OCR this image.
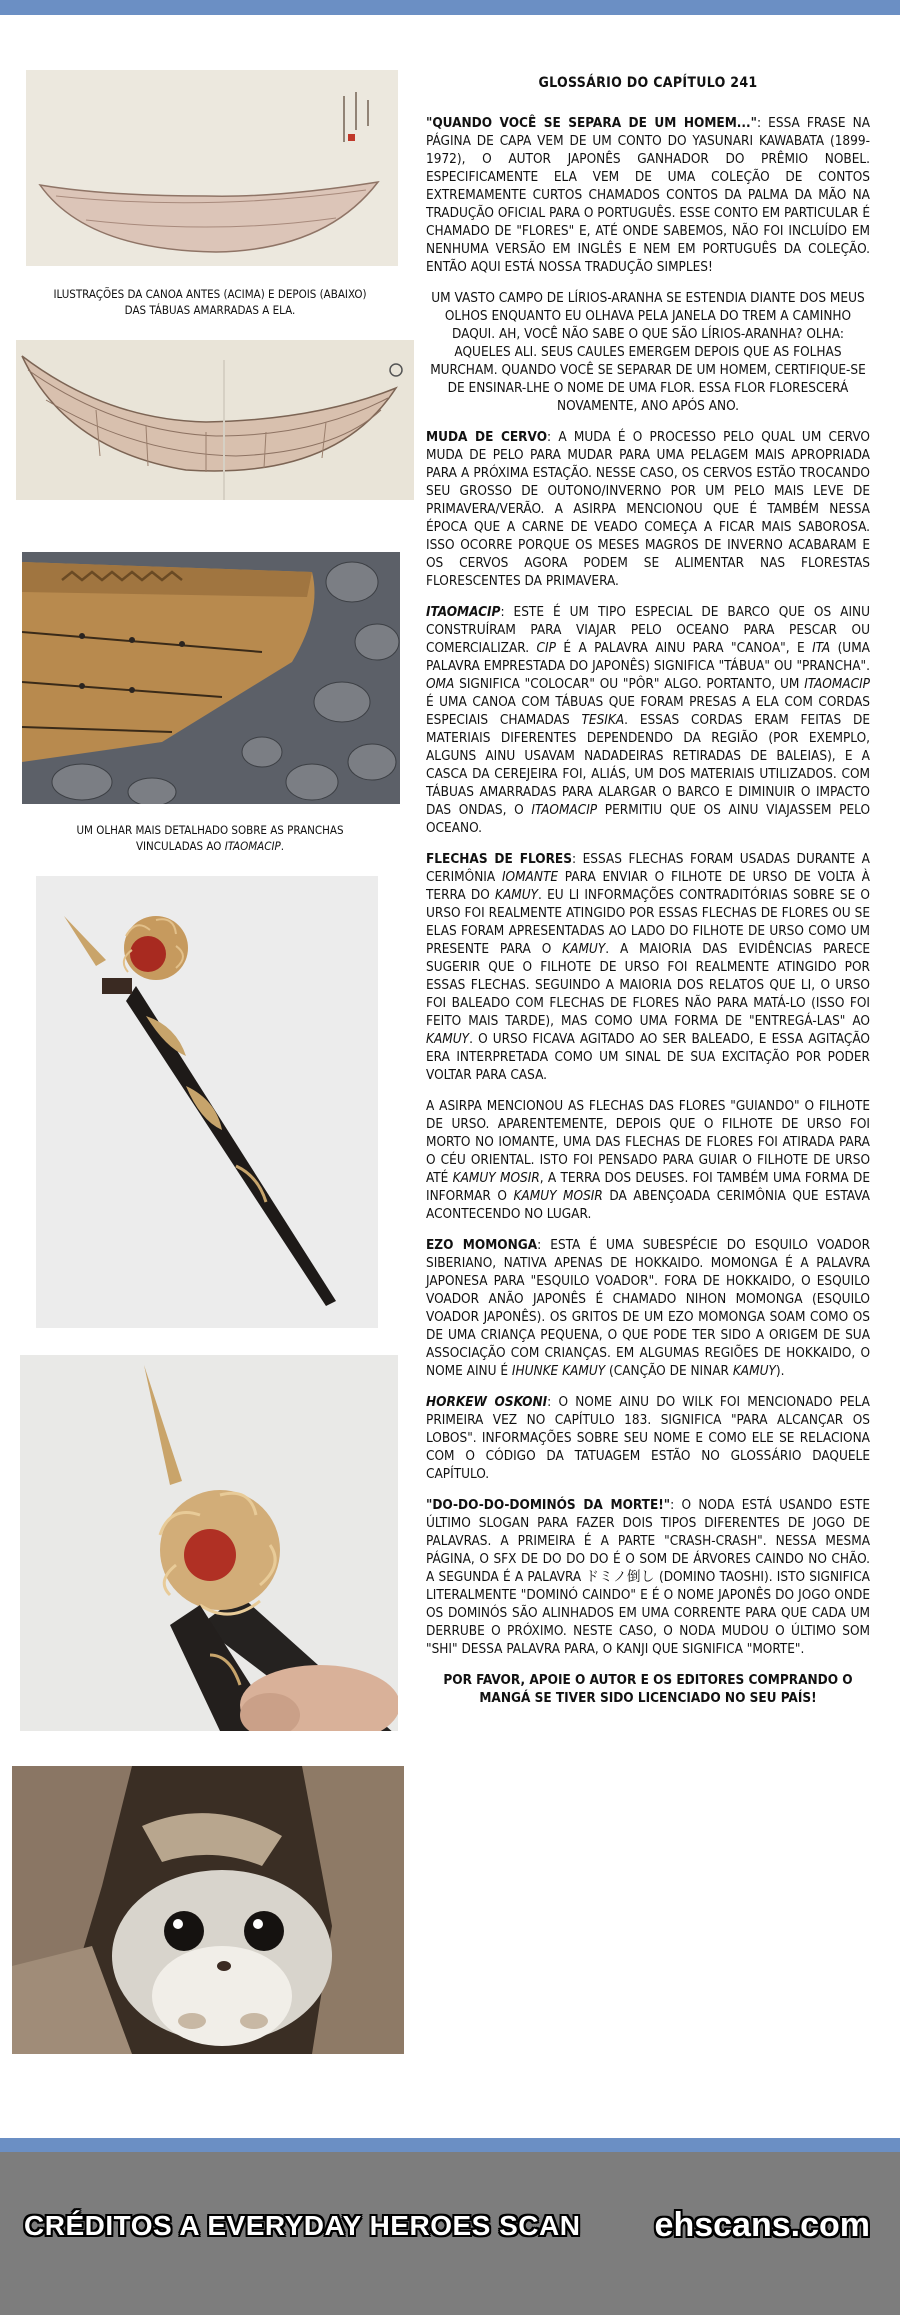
ILUSTRAÇÕES DA CANOA ANTES (ACIMA) E DEPOIS (ABAIXO) DAS TÁBUAS AMARRADAS A ELA.
UM OLHAR MAIS DETALHADO SOBRE AS PRANCHAS VINCULADAS AO ITAOMACIP.
GLOSSÁRIO DO CAPÍTULO 241

"QUANDO VOCÊ SE SEPARA DE UM HOMEM...": ESSA FRASE NA PÁGINA DE CAPA VEM DE UM CONTO DO YASUNARI KAWABATA (1899-1972), O AUTOR JAPONÊS GANHADOR DO PRÊMIO NOBEL. ESPECIFICAMENTE ELA VEM DE UMA COLEÇÃO DE CONTOS EXTREMAMENTE CURTOS CHAMADOS CONTOS DA PALMA DA MÃO NA TRADUÇÃO OFICIAL PARA O PORTUGUÊS. ESSE CONTO EM PARTICULAR É CHAMADO DE "FLORES" E, ATÉ ONDE SABEMOS, NÃO FOI INCLUÍDO EM NENHUMA VERSÃO EM INGLÊS E NEM EM PORTUGUÊS DA COLEÇÃO. ENTÃO AQUI ESTÁ NOSSA TRADUÇÃO SIMPLES!

UM VASTO CAMPO DE LÍRIOS-ARANHA SE ESTENDIA DIANTE DOS MEUS OLHOS ENQUANTO EU OLHAVA PELA JANELA DO TREM A CAMINHO DAQUI. AH, VOCÊ NÃO SABE O QUE SÃO LÍRIOS-ARANHA? OLHA: AQUELES ALI. SEUS CAULES EMERGEM DEPOIS QUE AS FOLHAS MURCHAM. QUANDO VOCÊ SE SEPARAR DE UM HOMEM, CERTIFIQUE-SE DE ENSINAR-LHE O NOME DE UMA FLOR. ESSA FLOR FLORESCERÁ NOVAMENTE, ANO APÓS ANO.

MUDA DE CERVO: A MUDA É O PROCESSO PELO QUAL UM CERVO MUDA DE PELO PARA MUDAR PARA UMA PELAGEM MAIS APROPRIADA PARA A PRÓXIMA ESTAÇÃO. NESSE CASO, OS CERVOS ESTÃO TROCANDO SEU GROSSO DE OUTONO/INVERNO POR UM PELO MAIS LEVE DE PRIMAVERA/VERÃO. A ASIRPA MENCIONOU QUE É TAMBÉM NESSA ÉPOCA QUE A CARNE DE VEADO COMEÇA A FICAR MAIS SABOROSA. ISSO OCORRE PORQUE OS MESES MAGROS DE INVERNO ACABARAM E OS CERVOS AGORA PODEM SE ALIMENTAR NAS FLORESTAS FLORESCENTES DA PRIMAVERA.

ITAOMACIP: ESTE É UM TIPO ESPECIAL DE BARCO QUE OS AINU CONSTRUÍRAM PARA VIAJAR PELO OCEANO PARA PESCAR OU COMERCIALIZAR. CIP É A PALAVRA AINU PARA "CANOA", E ITA (UMA PALAVRA EMPRESTADA DO JAPONÊS) SIGNIFICA "TÁBUA" OU "PRANCHA". OMA SIGNIFICA "COLOCAR" OU "PÔR" ALGO. PORTANTO, UM ITAOMACIP É UMA CANOA COM TÁBUAS QUE FORAM PRESAS A ELA COM CORDAS ESPECIAIS CHAMADAS TESIKA. ESSAS CORDAS ERAM FEITAS DE MATERIAIS DIFERENTES DEPENDENDO DA REGIÃO (POR EXEMPLO, ALGUNS AINU USAVAM NADADEIRAS RETIRADAS DE BALEIAS), E A CASCA DA CEREJEIRA FOI, ALIÁS, UM DOS MATERIAIS UTILIZADOS. COM TÁBUAS AMARRADAS PARA ALARGAR O BARCO E DIMINUIR O IMPACTO DAS ONDAS, O ITAOMACIP PERMITIU QUE OS AINU VIAJASSEM PELO OCEANO.

FLECHAS DE FLORES: ESSAS FLECHAS FORAM USADAS DURANTE A CERIMÔNIA IOMANTE PARA ENVIAR O FILHOTE DE URSO DE VOLTA À TERRA DO KAMUY. EU LI INFORMAÇÕES CONTRADITÓRIAS SOBRE SE O URSO FOI REALMENTE ATINGIDO POR ESSAS FLECHAS DE FLORES OU SE ELAS FORAM APRESENTADAS AO LADO DO FILHOTE DE URSO COMO UM PRESENTE PARA O KAMUY. A MAIORIA DAS EVIDÊNCIAS PARECE SUGERIR QUE O FILHOTE DE URSO FOI REALMENTE ATINGIDO POR ESSAS FLECHAS. SEGUINDO A MAIORIA DOS RELATOS QUE LI, O URSO FOI BALEADO COM FLECHAS DE FLORES NÃO PARA MATÁ-LO (ISSO FOI FEITO MAIS TARDE), MAS COMO UMA FORMA DE "ENTREGÁ-LAS" AO KAMUY. O URSO FICAVA AGITADO AO SER BALEADO, E ESSA AGITAÇÃO ERA INTERPRETADA COMO UM SINAL DE SUA EXCITAÇÃO POR PODER VOLTAR PARA CASA.

A ASIRPA MENCIONOU AS FLECHAS DAS FLORES "GUIANDO" O FILHOTE DE URSO. APARENTEMENTE, DEPOIS QUE O FILHOTE DE URSO FOI MORTO NO IOMANTE, UMA DAS FLECHAS DE FLORES FOI ATIRADA PARA O CÉU ORIENTAL. ISTO FOI PENSADO PARA GUIAR O FILHOTE DE URSO ATÉ KAMUY MOSIR, A TERRA DOS DEUSES. FOI TAMBÉM UMA FORMA DE INFORMAR O KAMUY MOSIR DA ABENÇOADA CERIMÔNIA QUE ESTAVA ACONTECENDO NO LUGAR.

EZO MOMONGA: ESTA É UMA SUBESPÉCIE DO ESQUILO VOADOR SIBERIANO, NATIVA APENAS DE HOKKAIDO. MOMONGA É A PALAVRA JAPONESA PARA "ESQUILO VOADOR". FORA DE HOKKAIDO, O ESQUILO VOADOR ANÃO JAPONÊS É CHAMADO NIHON MOMONGA (ESQUILO VOADOR JAPONÊS). OS GRITOS DE UM EZO MOMONGA SOAM COMO OS DE UMA CRIANÇA PEQUENA, O QUE PODE TER SIDO A ORIGEM DE SUA ASSOCIAÇÃO COM CRIANÇAS. EM ALGUMAS REGIÕES DE HOKKAIDO, O NOME AINU É IHUNKE KAMUY (CANÇÃO DE NINAR KAMUY).

HORKEW OSKONI: O NOME AINU DO WILK FOI MENCIONADO PELA PRIMEIRA VEZ NO CAPÍTULO 183. SIGNIFICA "PARA ALCANÇAR OS LOBOS". INFORMAÇÕES SOBRE SEU NOME E COMO ELE SE RELACIONA COM O CÓDIGO DA TATUAGEM ESTÃO NO GLOSSÁRIO DAQUELE CAPÍTULO.

"DO-DO-DO-DOMINÓS DA MORTE!": O NODA ESTÁ USANDO ESTE ÚLTIMO SLOGAN PARA FAZER DOIS TIPOS DIFERENTES DE JOGO DE PALAVRAS. A PRIMEIRA É A PARTE "CRASH-CRASH". NESSA MESMA PÁGINA, O SFX DE DO DO DO É O SOM DE ÁRVORES CAINDO NO CHÃO. A SEGUNDA É A PALAVRA ドミノ倒し (DOMINO TAOSHI). ISTO SIGNIFICA LITERALMENTE "DOMINÓ CAINDO" E É O NOME JAPONÊS DO JOGO ONDE OS DOMINÓS SÃO ALINHADOS EM UMA CORRENTE PARA QUE CADA UM DERRUBE O PRÓXIMO. NESTE CASO, O NODA MUDOU O ÚLTIMO SOM "SHI" DESSA PALAVRA PARA, O KANJI QUE SIGNIFICA "MORTE".

POR FAVOR, APOIE O AUTOR E OS EDITORES COMPRANDO O MANGÁ SE TIVER SIDO LICENCIADO NO SEU PAÍS!

CRÉDITOS A EVERYDAY HEROES SCAN ehscans.com
